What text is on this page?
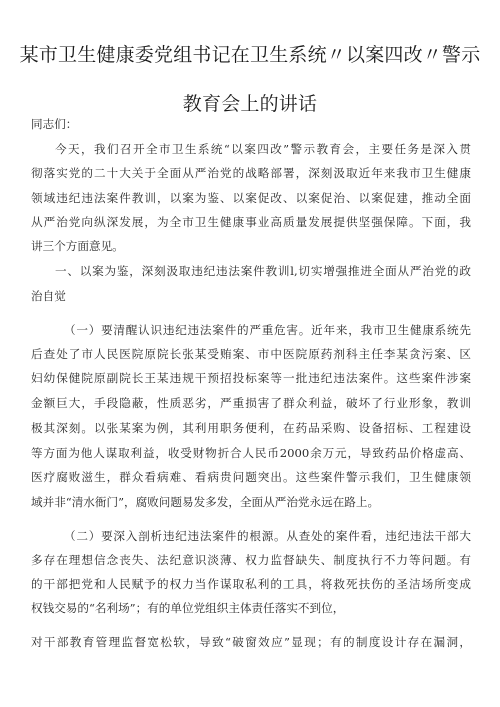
某市卫生健康委党组书记在卫生系统〃以案四改〃警示
教育会上的讲话
同志们：
今天，我们召开全市卫生系统“以案四改”警示教育会，主要任务是深入贯
彻落实党的二十大关于全面从严治党的战略部署，深刻汲取近年来我市卫生健康
领域违纪违法案件教训，以案为鉴、以案促改、以案促治、以案促建，推动全面
从严治党向纵深发展，为全市卫生健康事业高质量发展提供坚强保障。下面，我
讲三个方面意见。
一、以案为鉴，深刻汲取违纪违法案件教训l,切实增强推进全面从严治党的政
治自觉
（一）要清醒认识违纪违法案件的严重危害。近年来，我市卫生健康系统先
后查处了市人民医院原院长张某受贿案、市中医院原药剂科主任李某贪污案、区
妇幼保健院原副院长王某违规干预招投标案等一批违纪违法案件。这些案件涉案
金额巨大，手段隐蔽，性质恶劣，严重损害了群众利益，破坏了行业形象，教训
极其深刻。以张某案为例，其利用职务便利，在药品采购、设备招标、工程建设
等方面为他人谋取利益，收受财物折合人民币2000余万元，导致药品价格虚高、
医疗腐败滋生，群众看病难、看病贵问题突出。这些案件警示我们，卫生健康领
域并非“清水衙门”，腐败问题易发多发，全面从严治党永远在路上。
（二）要深入剖析违纪违法案件的根源。从查处的案件看，违纪违法干部大
多存在理想信念丧失、法纪意识淡薄、权力监督缺失、制度执行不力等问题。有
的干部把党和人民赋予的权力当作谋取私利的工具，将救死扶伤的圣洁场所变成
权钱交易的“名利场”；有的单位党组织主体责任落实不到位，
对干部教育管理监督宽松软，导致“破窗效应”显现；有的制度设计存在漏洞，
